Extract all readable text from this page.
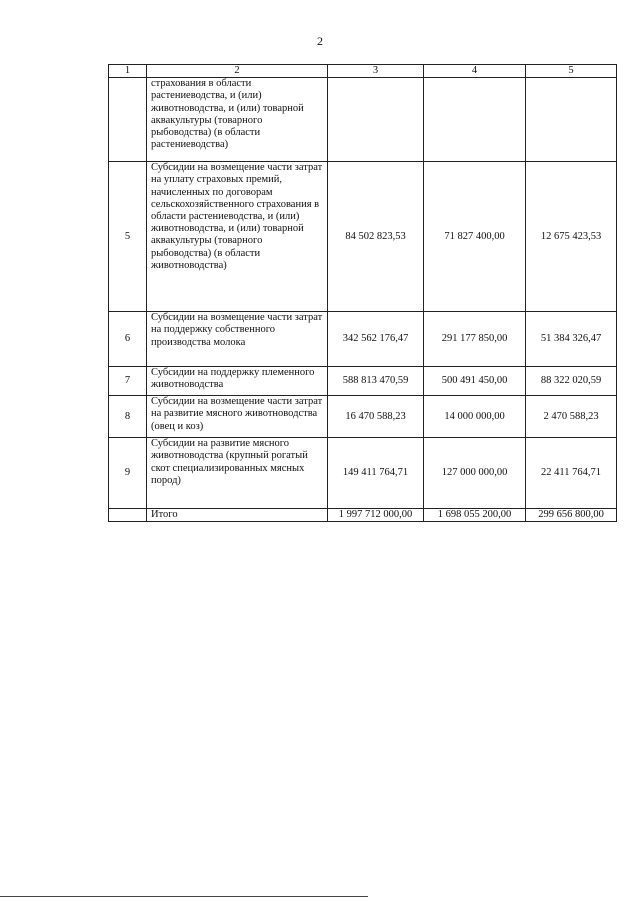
2
1	2	3	4	5
	страхования в области растениеводства, и (или) животноводства, и (или) товарной аквакультуры (товарного рыбоводства) (в области растениеводства)			
5	Субсидии на возмещение части затрат на уплату страховых премий, начисленных по договорам сельскохозяйственного страхования в области растениеводства, и (или) животноводства, и (или) товарной аквакультуры (товарного рыбоводства) (в области животноводства)	84 502 823,53	71 827 400,00	12 675 423,53
6	Субсидии на возмещение части затрат на поддержку собственного производства молока	342 562 176,47	291 177 850,00	51 384 326,47
7	Субсидии на поддержку племенного животноводства	588 813 470,59	500 491 450,00	88 322 020,59
8	Субсидии на возмещение части затрат на развитие мясного животноводства (овец и коз)	16 470 588,23	14 000 000,00	2 470 588,23
9	Субсидии на развитие мясного животноводства (крупный рогатый скот специализированных мясных пород)	149 411 764,71	127 000 000,00	22 411 764,71
	Итого	1 997 712 000,00	1 698 055 200,00	299 656 800,00
